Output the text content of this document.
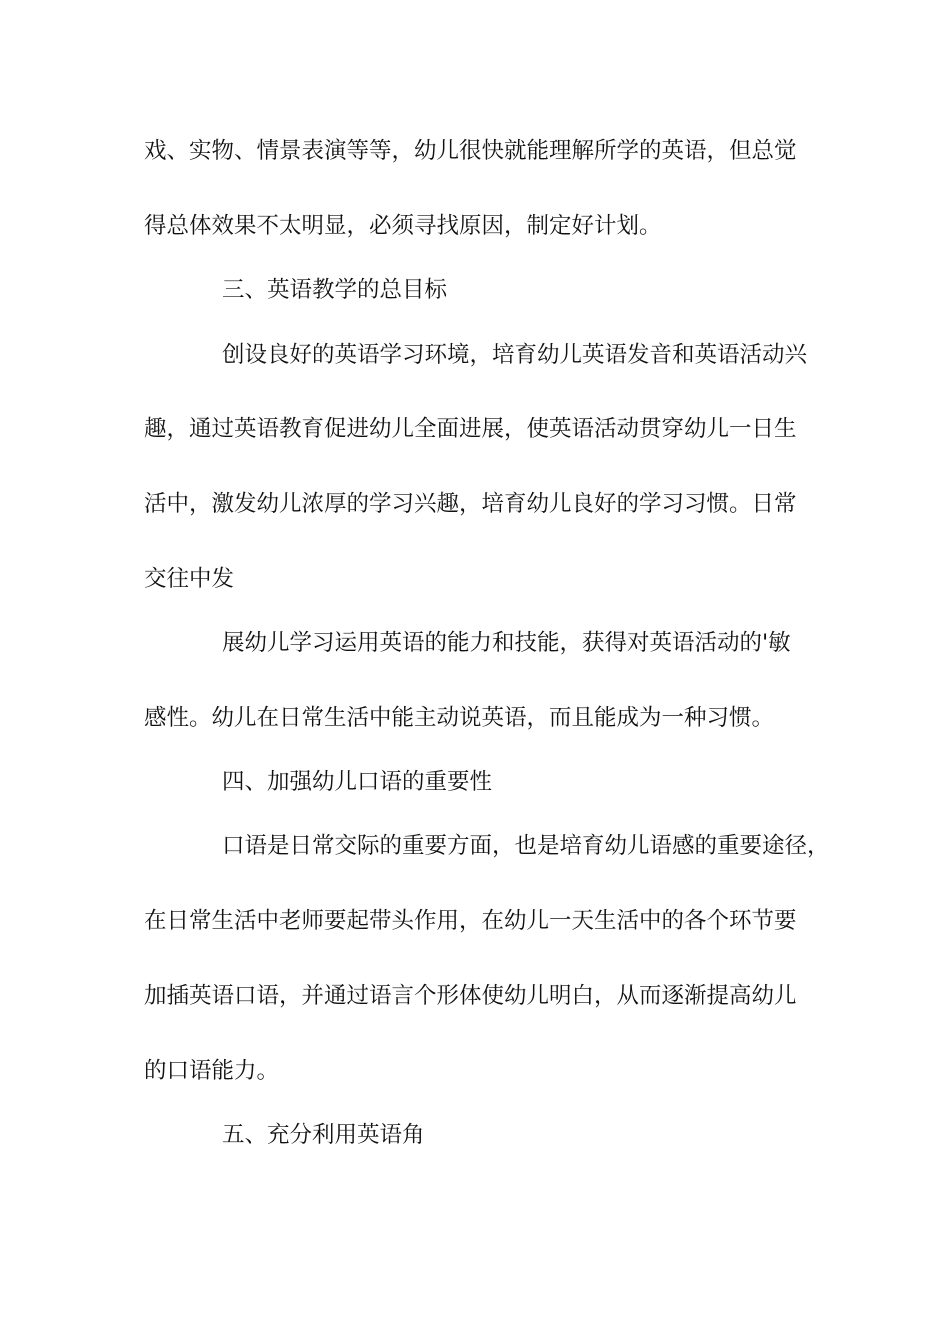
戏、实物、情景表演等等，幼儿很快就能理解所学的英语，但总觉
得总体效果不太明显，必须寻找原因，制定好计划。
三、英语教学的总目标
创设良好的英语学习环境，培育幼儿英语发音和英语活动兴
趣，通过英语教育促进幼儿全面进展，使英语活动贯穿幼儿一日生
活中，激发幼儿浓厚的学习兴趣，培育幼儿良好的学习习惯。日常
交往中发
展幼儿学习运用英语的能力和技能，获得对英语活动的'敏
感性。幼儿在日常生活中能主动说英语，而且能成为一种习惯。
四、加强幼儿口语的重要性
口语是日常交际的重要方面，也是培育幼儿语感的重要途径，
在日常生活中老师要起带头作用，在幼儿一天生活中的各个环节要
加插英语口语，并通过语言个形体使幼儿明白，从而逐渐提高幼儿
的口语能力。
五、充分利用英语角
